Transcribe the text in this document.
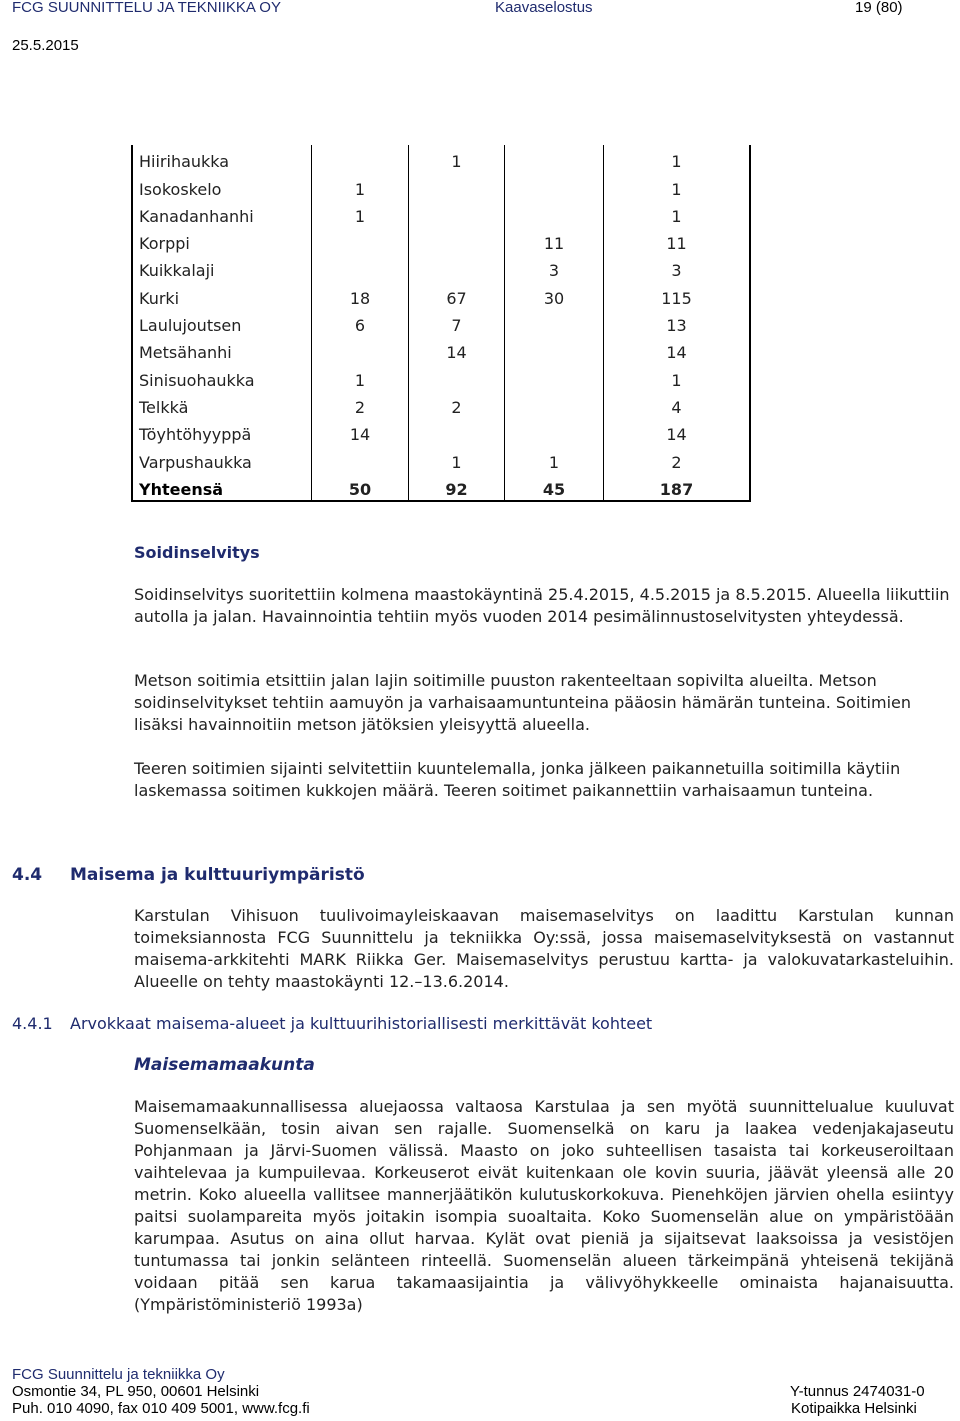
FCG SUUNNITTELU JA TEKNIIKKA OY	Kaavaselostus	19 (80)
25.5.2015
Hiirihaukka		1		1
Isokoskelo	1			1
Kanadanhanhi	1			1
Korppi			11	11
Kuikkalaji			3	3
Kurki	18	67	30	115
Laulujoutsen	6	7		13
Metsähanhi		14		14
Sinisuohaukka	1			1
Telkkä	2	2		4
Töyhtöhyyppä	14			14
Varpushaukka		1	1	2
Yhteensä	50	92	45	187
Soidinselvitys

Soidinselvitys suoritettiin kolmena maastokäyntinä 25.4.2015, 4.5.2015 ja 8.5.2015. Alueella liikuttiin autolla ja jalan. Havainnointia tehtiin myös vuoden 2014 pesimälinnustoselvitysten yhteydessä.

Metson soitimia etsittiin jalan lajin soitimille puuston rakenteeltaan sopivilta alueilta. Metson soidinselvitykset tehtiin aamuyön ja varhaisaamuntunteina pääosin hämärän tunteina. Soitimien lisäksi havainnoitiin metson jätöksien yleisyyttä alueella.

Teeren soitimien sijainti selvitettiin kuuntelemalla, jonka jälkeen paikannetuilla soitimilla käytiin laskemassa soitimen kukkojen määrä. Teeren soitimet paikannettiin varhaisaamun tunteina.

4.4 Maisema ja kulttuuriympäristö

Karstulan Vihisuon tuulivoimayleiskaavan maisemaselvitys on laadittu Karstulan kunnan toimeksiannosta FCG Suunnittelu ja tekniikka Oy:ssä, jossa maisemaselvityksestä on vastannut maisema-arkkitehti MARK Riikka Ger. Maisemaselvitys perustuu kartta- ja valokuvatarkasteluihin. Alueelle on tehty maastokäynti 12.–13.6.2014.

4.4.1 Arvokkaat maisema-alueet ja kulttuurihistoriallisesti merkittävät kohteet
Maisemamaakunta

Maisemamaakunnallisessa aluejaossa valtaosa Karstulaa ja sen myötä suunnittelualue kuuluvat Suomenselkään, tosin aivan sen rajalle. Suomenselkä on karu ja laakea vedenjakajaseutu Pohjanmaan ja Järvi-Suomen välissä. Maasto on joko suhteellisen tasaista tai korkeuseroiltaan vaihtelevaa ja kumpuilevaa. Korkeuserot eivät kuitenkaan ole kovin suuria, jäävät yleensä alle 20 metrin. Koko alueella vallitsee mannerjäätikön kulutuskorkokuva. Pienehköjen järvien ohella esiintyy paitsi suolampareita myös joitakin isompia suoaltaita. Koko Suomenselän alue on ympäristöään karumpaa. Asutus on aina ollut harvaa. Kylät ovat pieniä ja sijaitsevat laaksoissa ja vesistöjen tuntumassa tai jonkin selänteen rinteellä. Suomenselän alueen tärkeimpänä yhteisenä tekijänä voidaan pitää sen karua takamaasijaintia ja välivyöhykkeelle ominaista hajanaisuutta. (Ympäristöministeriö 1993a)

FCG Suunnittelu ja tekniikka Oy
Osmontie 34, PL 950, 00601 Helsinki
Puh. 010 4090, fax 010 409 5001, www.fcg.fi
Y-tunnus 2474031-0
Kotipaikka Helsinki
